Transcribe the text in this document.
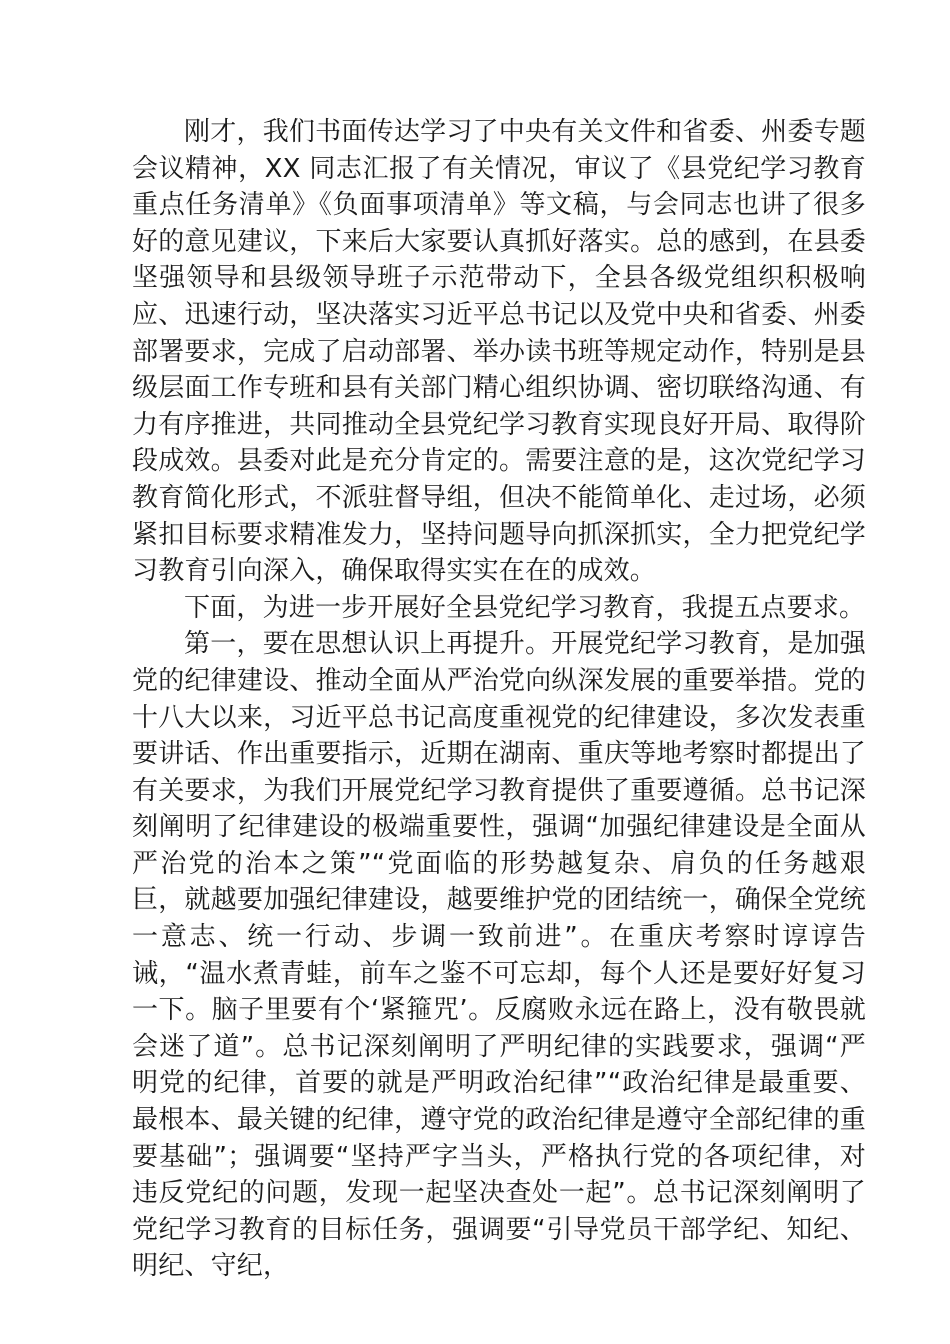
刚才，我们书面传达学习了中央有关文件和省委、州委专题会议精神，XX 同志汇报了有关情况，审议了《县党纪学习教育重点任务清单》《负面事项清单》等文稿，与会同志也讲了很多好的意见建议，下来后大家要认真抓好落实。总的感到，在县委坚强领导和县级领导班子示范带动下，全县各级党组织积极响应、迅速行动，坚决落实习近平总书记以及党中央和省委、州委部署要求，完成了启动部署、举办读书班等规定动作，特别是县级层面工作专班和县有关部门精心组织协调、密切联络沟通、有力有序推进，共同推动全县党纪学习教育实现良好开局、取得阶段成效。县委对此是充分肯定的。需要注意的是，这次党纪学习教育简化形式，不派驻督导组，但决不能简单化、走过场，必须紧扣目标要求精准发力，坚持问题导向抓深抓实，全力把党纪学习教育引向深入，确保取得实实在在的成效。

下面，为进一步开展好全县党纪学习教育，我提五点要求。

第一，要在思想认识上再提升。开展党纪学习教育，是加强党的纪律建设、推动全面从严治党向纵深发展的重要举措。党的十八大以来，习近平总书记高度重视党的纪律建设，多次发表重要讲话、作出重要指示，近期在湖南、重庆等地考察时都提出了有关要求，为我们开展党纪学习教育提供了重要遵循。总书记深刻阐明了纪律建设的极端重要性，强调“加强纪律建设是全面从严治党的治本之策”“党面临的形势越复杂、肩负的任务越艰巨，就越要加强纪律建设，越要维护党的团结统一，确保全党统一意志、统一行动、步调一致前进”。在重庆考察时谆谆告诫，“温水煮青蛙，前车之鉴不可忘却，每个人还是要好好复习一下。脑子里要有个‘紧箍咒’。反腐败永远在路上，没有敬畏就会迷了道”。总书记深刻阐明了严明纪律的实践要求，强调“严明党的纪律，首要的就是严明政治纪律”“政治纪律是最重要、最根本、最关键的纪律，遵守党的政治纪律是遵守全部纪律的重要基础”；强调要“坚持严字当头，严格执行党的各项纪律，对违反党纪的问题，发现一起坚决查处一起”。总书记深刻阐明了党纪学习教育的目标任务，强调要“引导党员干部学纪、知纪、明纪、守纪，
